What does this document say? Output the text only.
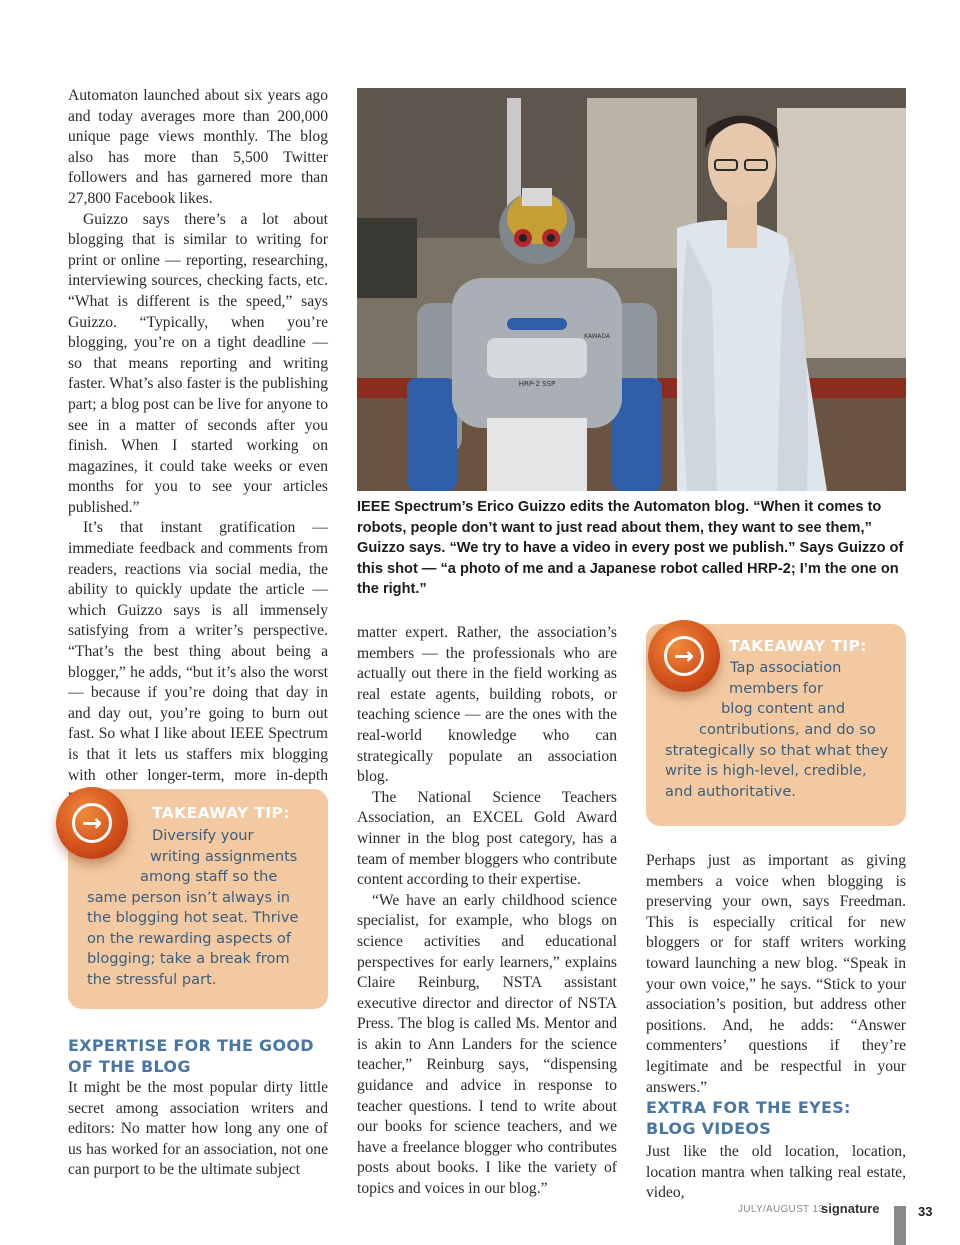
Automaton launched about six years ago and today averages more than 200,000 unique page views monthly. The blog also has more than 5,500 Twitter followers and has garnered more than 27,800 Facebook likes.

Guizzo says there’s a lot about blogging that is similar to writing for print or online — reporting, researching, interviewing sources, checking facts, etc. “What is different is the speed,” says Guizzo. “Typically, when you’re blogging, you’re on a tight deadline — so that means reporting and writing faster. What’s also faster is the publishing part; a blog post can be live for anyone to see in a matter of seconds after you finish. When I started working on magazines, it could take weeks or even months for you to see your articles published.”

It’s that instant gratification — immediate feedback and comments from readers, reactions via social media, the ability to quickly update the article — which Guizzo says is all immensely satisfying from a writer’s perspective. “That’s the best thing about being a blogger,” he adds, “but it’s also the worst — because if you’re doing that day in and day out, you’re going to burn out fast. So what I like about IEEE Spectrum is that it lets us staffers mix blogging with other longer-term, more in-depth

→	TAKEAWAY TIP:
Diversify your
writing assignments
among staff so the
same person isn’t always in
the blogging hot seat. Thrive
on the rewarding aspects of
blogging; take a break from
the stressful part.
EXPERTISE FOR THE GOOD OF THE BLOG

It might be the most popular dirty little secret among association writers and editors: No matter how long any one of us has worked for an association, not one can purport to be the ultimate subject

HRP-2 SSP
KAWADA
IEEE Spectrum’s Erico Guizzo edits the Automaton blog. “When it comes to robots, people don’t want to just read about them, they want to see them,” Guizzo says. “We try to have a video in every post we publish.” Says Guizzo of this shot — “a photo of me and a Japanese robot called HRP-2; I’m the one on the right.”

matter expert. Rather, the association’s members — the professionals who are actually out there in the field working as real estate agents, building robots, or teaching science — are the ones with the real-world knowledge who can strategically populate an association blog.

The National Science Teachers Association, an EXCEL Gold Award winner in the blog post category, has a team of member bloggers who contribute content according to their expertise.

“We have an early childhood science specialist, for example, who blogs on science activities and educational perspectives for early learners,” explains Claire Reinburg, NSTA assistant executive director and director of NSTA Press. The blog is called Ms. Mentor and is akin to Ann Landers for the science teacher,” Reinburg says, “dispensing guidance and advice in response to teacher questions. I tend to write about our books for science teachers, and we have a freelance blogger who contributes posts about books. I like the variety of topics and voices in our blog.”

→	TAKEAWAY TIP:
Tap association
members for
blog content and
contributions, and do so
strategically so that what they
write is high-level, credible,
and authoritative.

Perhaps just as important as giving members a voice when blogging is preserving your own, says Freedman. This is especially critical for new bloggers or for staff writers working toward launching a new blog. “Speak in your own voice,” he says. “Stick to your association’s position, but address other positions. And, he adds: “Answer commenters’ questions if they’re legitimate and be respectful in your answers.”

EXTRA FOR THE EYES: BLOG VIDEOS

Just like the old location, location, location mantra when talking real estate, video,

JULY/AUGUST 13
signature	33
